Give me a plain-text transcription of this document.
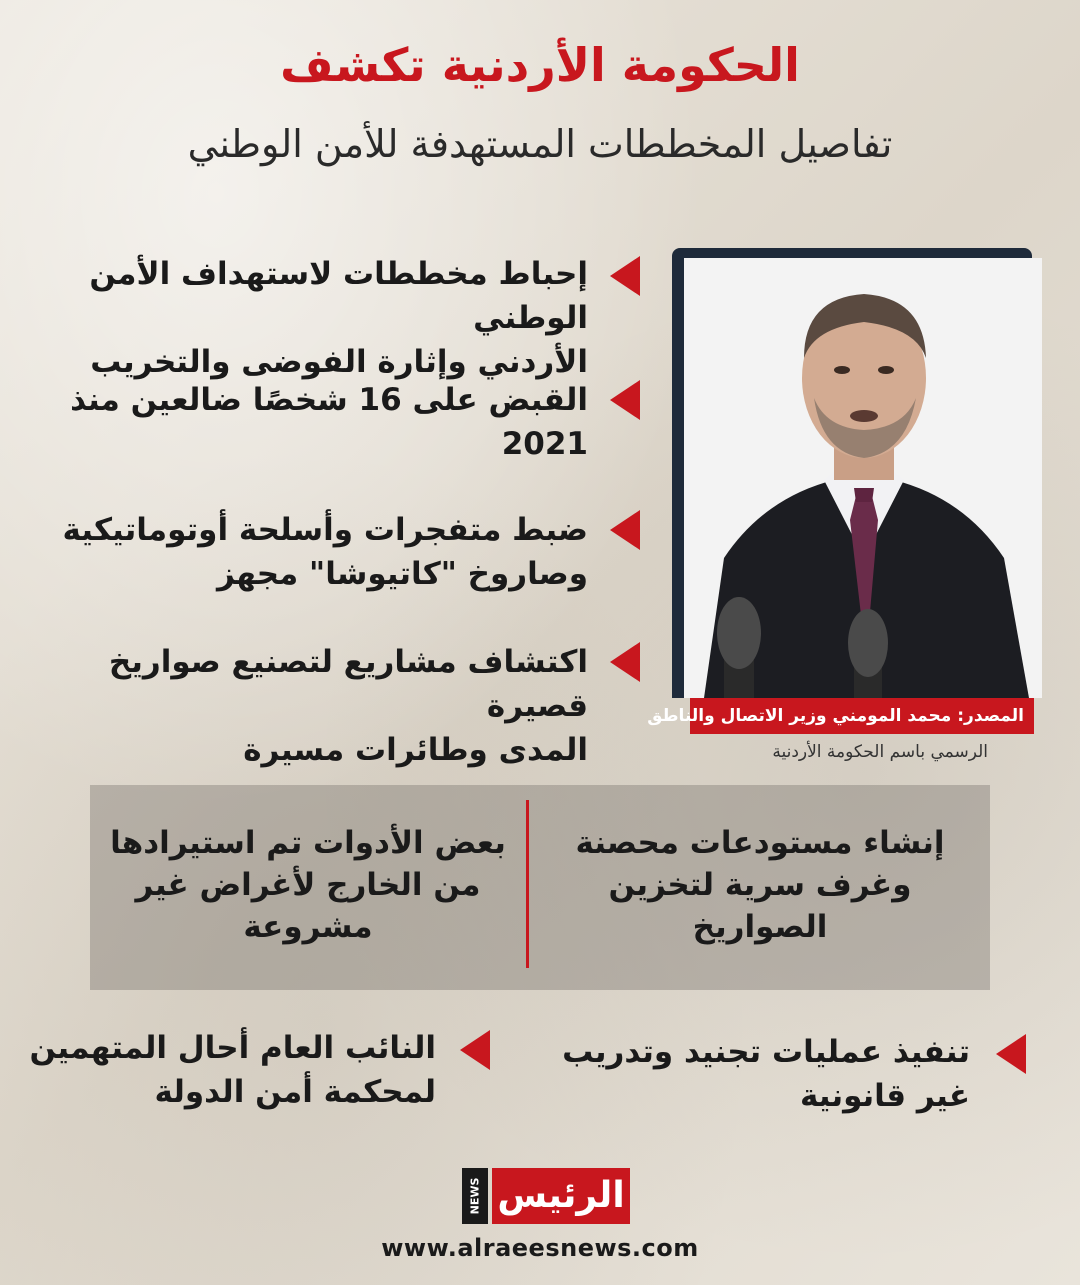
الحكومة الأردنية تكشف
تفاصيل المخططات المستهدفة للأمن الوطني
إحباط مخططات لاستهداف الأمن الوطني
الأردني وإثارة الفوضى والتخريب
القبض على 16 شخصًا ضالعين منذ
2021
ضبط متفجرات وأسلحة أوتوماتيكية
وصاروخ "كاتيوشا" مجهز
اكتشاف مشاريع لتصنيع صواريخ قصيرة
المدى وطائرات مسيرة
المصدر: محمد المومني وزير الاتصال والناطق
الرسمي باسم الحكومة الأردنية
إنشاء مستودعات محصنة
وغرف سرية لتخزين
الصواريخ
بعض الأدوات تم استيرادها
من الخارج لأغراض غير
مشروعة
تنفيذ عمليات تجنيد وتدريب
غير قانونية
النائب العام أحال المتهمين
لمحكمة أمن الدولة
NEWS الرئيس
www.alraeesnews.com
